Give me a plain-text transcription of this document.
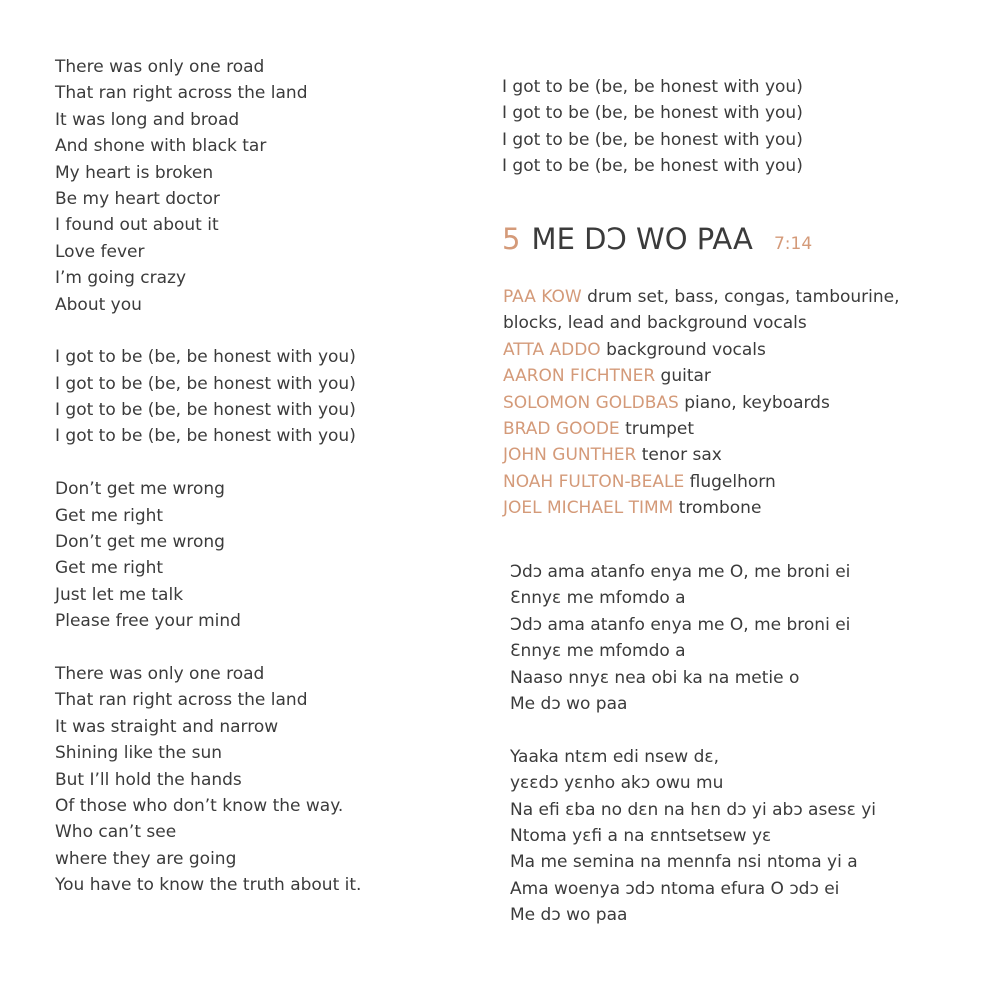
There was only one road
That ran right across the land
It was long and broad
And shone with black tar
My heart is broken
Be my heart doctor
I found out about it
Love fever
I’m going crazy
About you
I got to be (be, be honest with you)
I got to be (be, be honest with you)
I got to be (be, be honest with you)
I got to be (be, be honest with you)
Don’t get me wrong
Get me right
Don’t get me wrong
Get me right
Just let me talk
Please free your mind
There was only one road
That ran right across the land
It was straight and narrow
Shining like the sun
But I’ll hold the hands
Of those who don’t know the way.
Who can’t see
where they are going
You have to know the truth about it.
I got to be (be, be honest with you)
I got to be (be, be honest with you)
I got to be (be, be honest with you)
I got to be (be, be honest with you)
5 ME DƆ WO PAA 7:14
PAA KOW drum set, bass, congas, tambourine,
blocks, lead and background vocals
ATTA ADDO background vocals
AARON FICHTNER guitar
SOLOMON GOLDBAS piano, keyboards
BRAD GOODE trumpet
JOHN GUNTHER tenor sax
NOAH FULTON-BEALE flugelhorn
JOEL MICHAEL TIMM trombone
Ɔdɔ ama atanfo enya me O, me broni ei
Ɛnnyɛ me mfomdo a
Ɔdɔ ama atanfo enya me O, me broni ei
Ɛnnyɛ me mfomdo a
Naaso nnyɛ nea obi ka na metie o
Me dɔ wo paa
Yaaka ntɛm edi nsew dɛ,
yɛɛdɔ yɛnho akɔ owu mu
Na efi ɛba no dɛn na hɛn dɔ yi abɔ asesɛ yi
Ntoma yɛfi a na ɛnntsetsew yɛ
Ma me semina na mennfa nsi ntoma yi a
Ama woenya ɔdɔ ntoma efura O ɔdɔ ei
Me dɔ wo paa
